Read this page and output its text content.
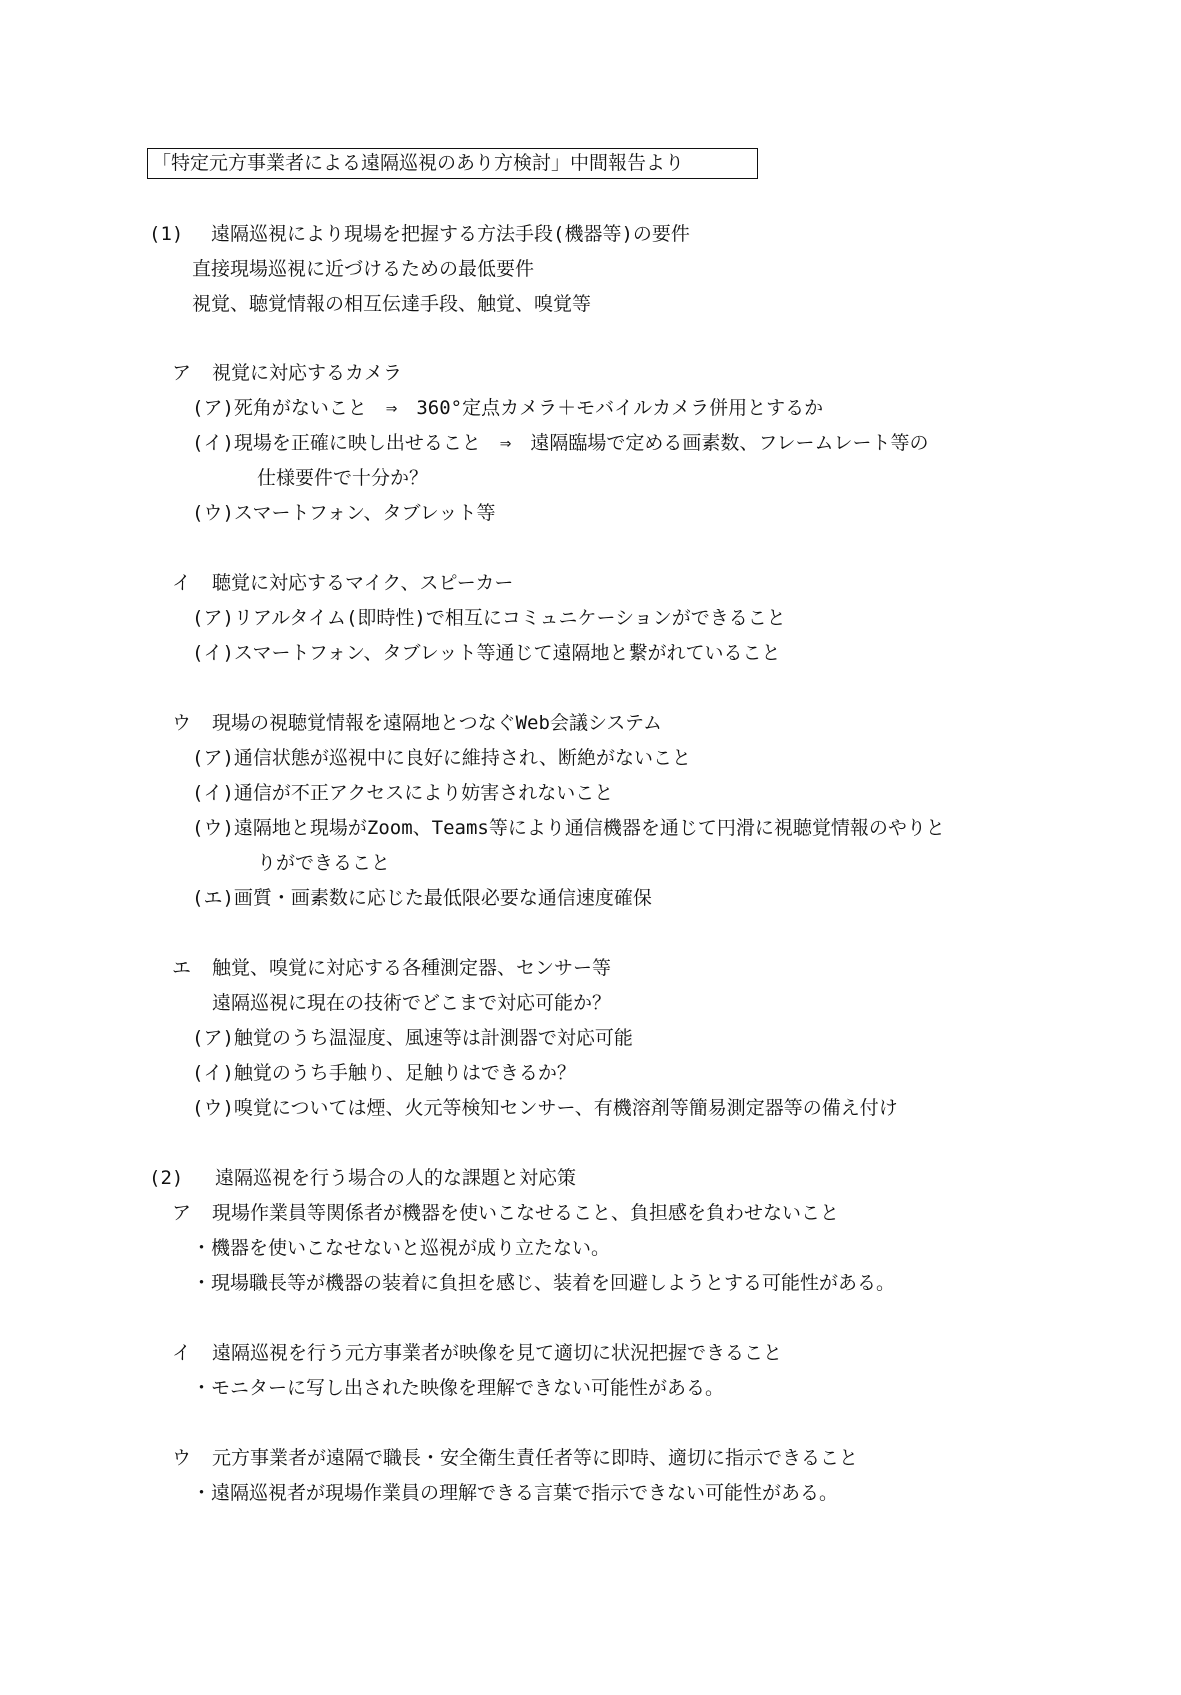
「特定元方事業者による遠隔巡視のあり方検討」中間報告より
(1) 遠隔巡視により現場を把握する方法手段(機器等)の要件
直接現場巡視に近づけるための最低要件
視覚、聴覚情報の相互伝達手段、触覚、嗅覚等
ア 視覚に対応するカメラ
(ア)死角がないこと　⇒　360°定点カメラ＋モバイルカメラ併用とするか
(イ)現場を正確に映し出せること　⇒　遠隔臨場で定める画素数、フレームレート等の
仕様要件で十分か？
(ウ)スマートフォン、タブレット等
イ 聴覚に対応するマイク、スピーカー
(ア)リアルタイム(即時性)で相互にコミュニケーションができること
(イ)スマートフォン、タブレット等通じて遠隔地と繋がれていること
ウ 現場の視聴覚情報を遠隔地とつなぐWeb会議システム
(ア)通信状態が巡視中に良好に維持され、断絶がないこと
(イ)通信が不正アクセスにより妨害されないこと
(ウ)遠隔地と現場がZoom、Teams等により通信機器を通じて円滑に視聴覚情報のやりと
りができること
(エ)画質・画素数に応じた最低限必要な通信速度確保
エ 触覚、嗅覚に対応する各種測定器、センサー等
遠隔巡視に現在の技術でどこまで対応可能か？
(ア)触覚のうち温湿度、風速等は計測器で対応可能
(イ)触覚のうち手触り、足触りはできるか？
(ウ)嗅覚については煙、火元等検知センサー、有機溶剤等簡易測定器等の備え付け
(2) 遠隔巡視を行う場合の人的な課題と対応策
ア 現場作業員等関係者が機器を使いこなせること、負担感を負わせないこと
・機器を使いこなせないと巡視が成り立たない。
・現場職長等が機器の装着に負担を感じ、装着を回避しようとする可能性がある。
イ 遠隔巡視を行う元方事業者が映像を見て適切に状況把握できること
・モニターに写し出された映像を理解できない可能性がある。
ウ 元方事業者が遠隔で職長・安全衛生責任者等に即時、適切に指示できること
・遠隔巡視者が現場作業員の理解できる言葉で指示できない可能性がある。
